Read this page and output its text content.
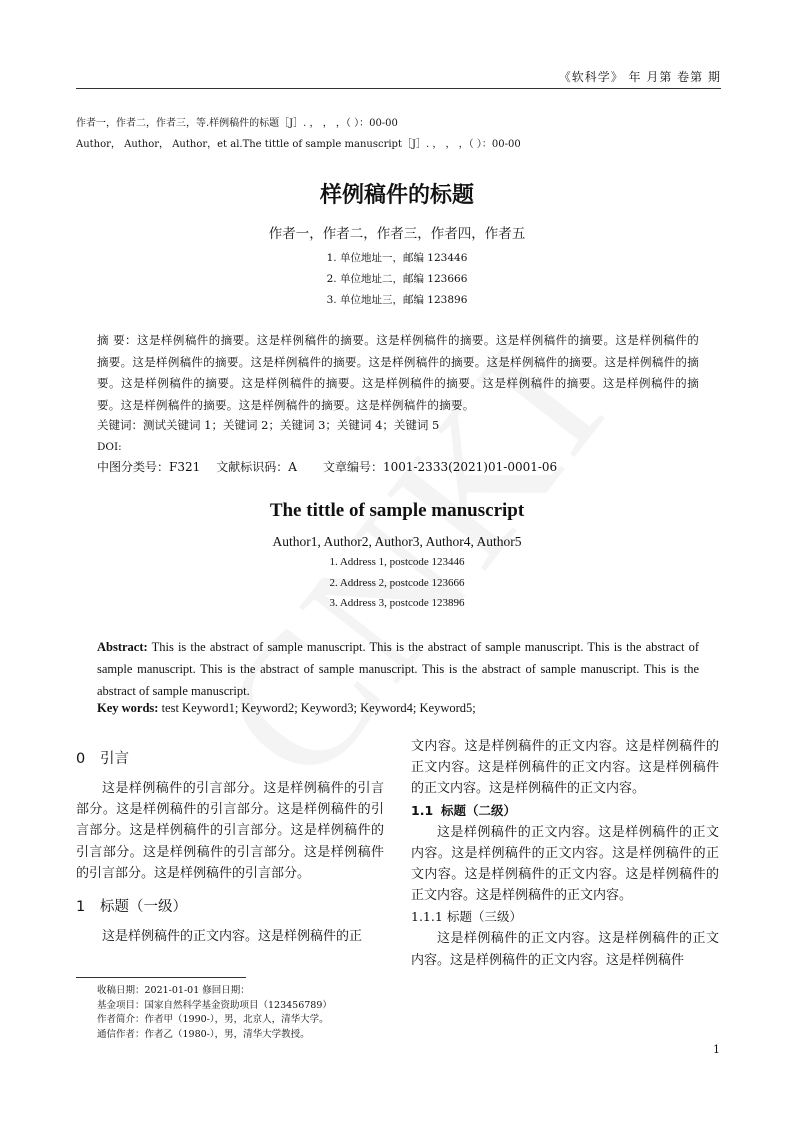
《软科学》 年 月第 卷第 期
作者一，作者二，作者三，等.样例稿件的标题［J］. ， ， ，（ ）：00-00
Author， Author， Author，et al.The tittle of sample manuscript［J］. ， ， ，（ ）：00-00
样例稿件的标题
作者一，作者二，作者三，作者四，作者五
1. 单位地址一，邮编 123446
2. 单位地址二，邮编 123666
3. 单位地址三，邮编 123896
摘 要：这是样例稿件的摘要。这是样例稿件的摘要。这是样例稿件的摘要。这是样例稿件的摘要。这是样例稿件的摘要。这是样例稿件的摘要。这是样例稿件的摘要。这是样例稿件的摘要。这是样例稿件的摘要。这是样例稿件的摘要。这是样例稿件的摘要。这是样例稿件的摘要。这是样例稿件的摘要。这是样例稿件的摘要。这是样例稿件的摘要。这是样例稿件的摘要。这是样例稿件的摘要。这是样例稿件的摘要。
关键词：测试关键词 1；关键词 2；关键词 3；关键词 4；关键词 5
DOI:
中图分类号：F321 文献标识码：A 文章编号：1001-2333(2021)01-0001-06
The tittle of sample manuscript
Author1, Author2, Author3, Author4, Author5
1. Address 1, postcode 123446
2. Address 2, postcode 123666
3. Address 3, postcode 123896
Abstract: This is the abstract of sample manuscript. This is the abstract of sample manuscript. This is the abstract of sample manuscript. This is the abstract of sample manuscript. This is the abstract of sample manuscript. This is the abstract of sample manuscript.
Key words: test Keyword1; Keyword2; Keyword3; Keyword4; Keyword5;
0 引言

这是样例稿件的引言部分。这是样例稿件的引言部分。这是样例稿件的引言部分。这是样例稿件的引言部分。这是样例稿件的引言部分。这是样例稿件的引言部分。这是样例稿件的引言部分。这是样例稿件的引言部分。这是样例稿件的引言部分。

1 标题（一级）

这是样例稿件的正文内容。这是样例稿件的正

文内容。这是样例稿件的正文内容。这是样例稿件的正文内容。这是样例稿件的正文内容。这是样例稿件的正文内容。这是样例稿件的正文内容。

1.1 标题（二级）

这是样例稿件的正文内容。这是样例稿件的正文内容。这是样例稿件的正文内容。这是样例稿件的正文内容。这是样例稿件的正文内容。这是样例稿件的正文内容。这是样例稿件的正文内容。

1.1.1 标题（三级）

这是样例稿件的正文内容。这是样例稿件的正文内容。这是样例稿件的正文内容。这是样例稿件

收稿日期：2021-01-01 修回日期：
基金项目：国家自然科学基金资助项目（123456789）
作者简介：作者甲（1990-），男，北京人，清华大学。
通信作者：作者乙（1980-），男，清华大学教授。
1
